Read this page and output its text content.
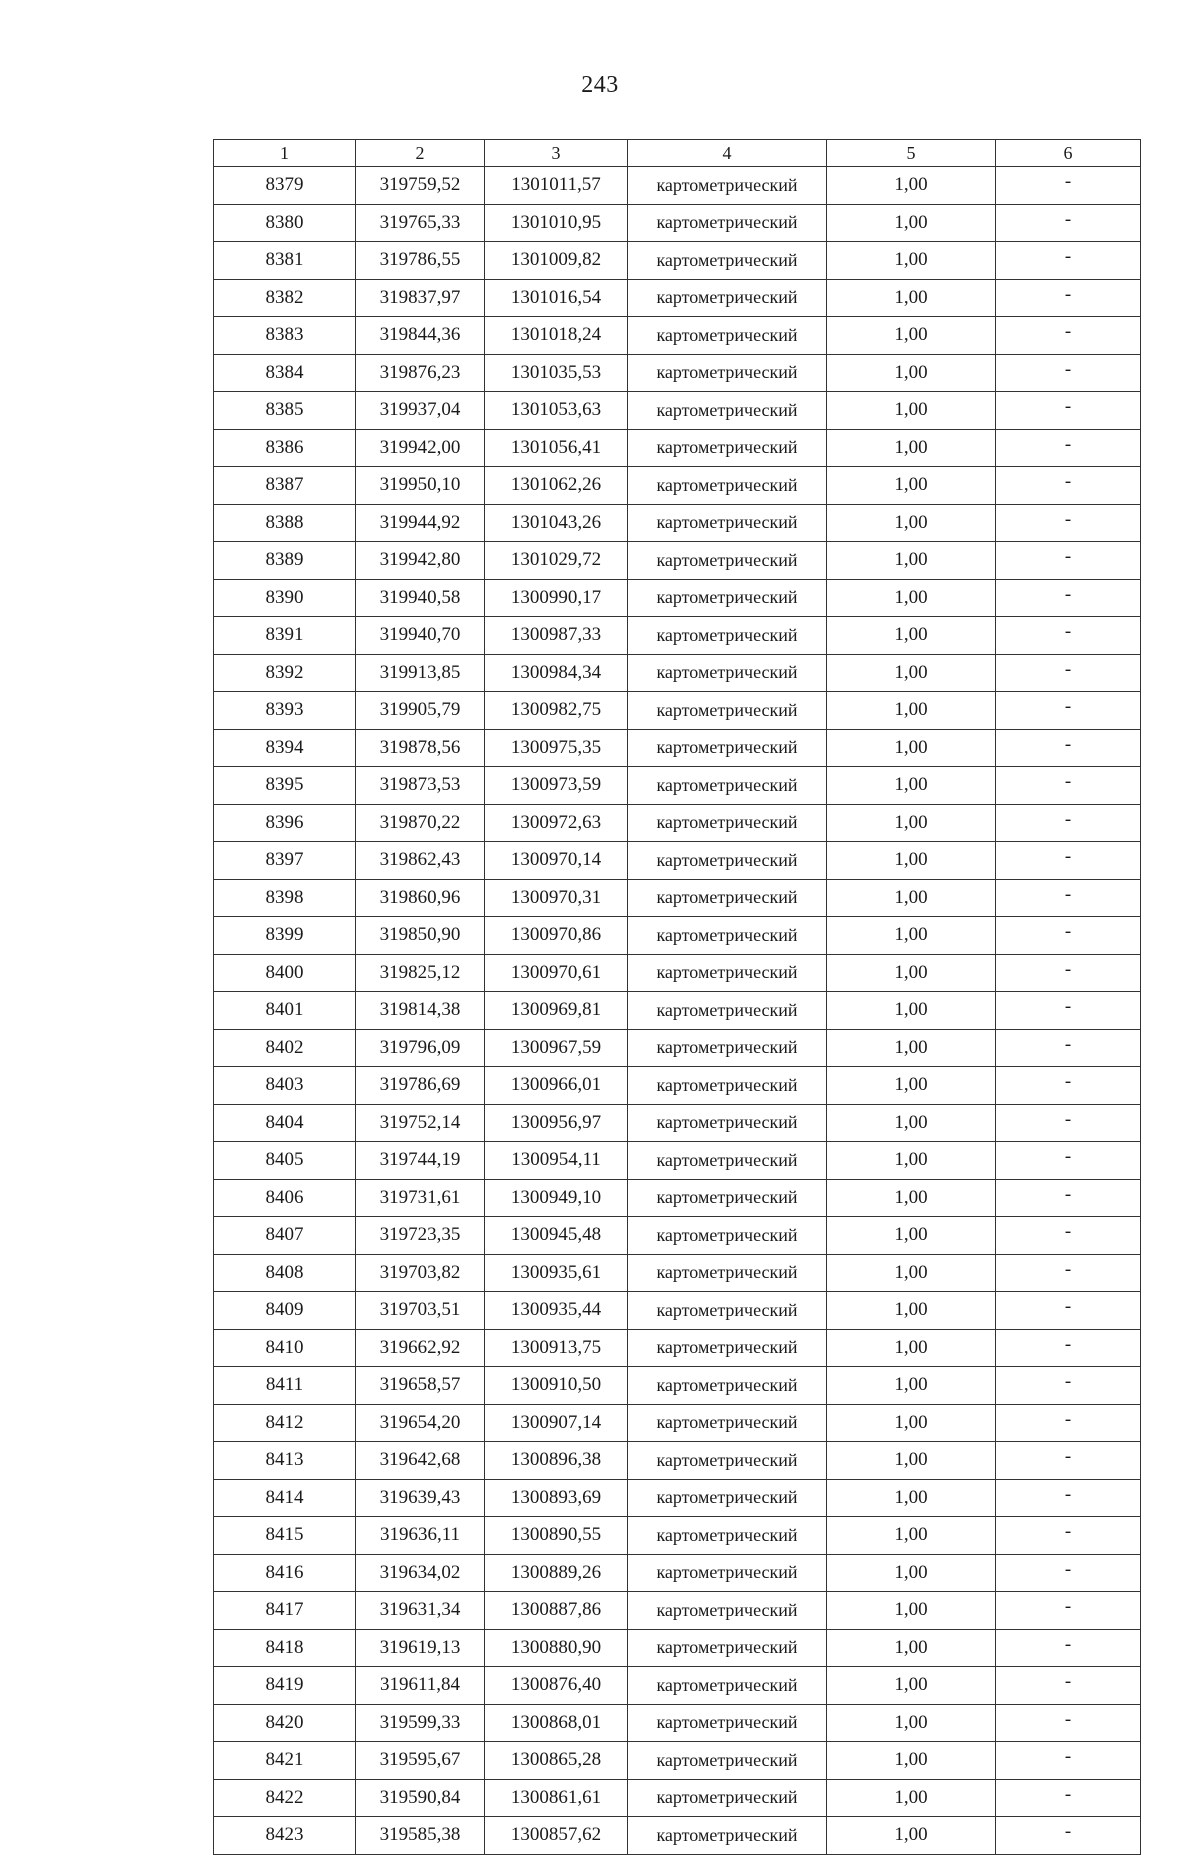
243
1	2	3	4	5	6
8379	319759,52	1301011,57	картометрический	1,00	-
8380	319765,33	1301010,95	картометрический	1,00	-
8381	319786,55	1301009,82	картометрический	1,00	-
8382	319837,97	1301016,54	картометрический	1,00	-
8383	319844,36	1301018,24	картометрический	1,00	-
8384	319876,23	1301035,53	картометрический	1,00	-
8385	319937,04	1301053,63	картометрический	1,00	-
8386	319942,00	1301056,41	картометрический	1,00	-
8387	319950,10	1301062,26	картометрический	1,00	-
8388	319944,92	1301043,26	картометрический	1,00	-
8389	319942,80	1301029,72	картометрический	1,00	-
8390	319940,58	1300990,17	картометрический	1,00	-
8391	319940,70	1300987,33	картометрический	1,00	-
8392	319913,85	1300984,34	картометрический	1,00	-
8393	319905,79	1300982,75	картометрический	1,00	-
8394	319878,56	1300975,35	картометрический	1,00	-
8395	319873,53	1300973,59	картометрический	1,00	-
8396	319870,22	1300972,63	картометрический	1,00	-
8397	319862,43	1300970,14	картометрический	1,00	-
8398	319860,96	1300970,31	картометрический	1,00	-
8399	319850,90	1300970,86	картометрический	1,00	-
8400	319825,12	1300970,61	картометрический	1,00	-
8401	319814,38	1300969,81	картометрический	1,00	-
8402	319796,09	1300967,59	картометрический	1,00	-
8403	319786,69	1300966,01	картометрический	1,00	-
8404	319752,14	1300956,97	картометрический	1,00	-
8405	319744,19	1300954,11	картометрический	1,00	-
8406	319731,61	1300949,10	картометрический	1,00	-
8407	319723,35	1300945,48	картометрический	1,00	-
8408	319703,82	1300935,61	картометрический	1,00	-
8409	319703,51	1300935,44	картометрический	1,00	-
8410	319662,92	1300913,75	картометрический	1,00	-
8411	319658,57	1300910,50	картометрический	1,00	-
8412	319654,20	1300907,14	картометрический	1,00	-
8413	319642,68	1300896,38	картометрический	1,00	-
8414	319639,43	1300893,69	картометрический	1,00	-
8415	319636,11	1300890,55	картометрический	1,00	-
8416	319634,02	1300889,26	картометрический	1,00	-
8417	319631,34	1300887,86	картометрический	1,00	-
8418	319619,13	1300880,90	картометрический	1,00	-
8419	319611,84	1300876,40	картометрический	1,00	-
8420	319599,33	1300868,01	картометрический	1,00	-
8421	319595,67	1300865,28	картометрический	1,00	-
8422	319590,84	1300861,61	картометрический	1,00	-
8423	319585,38	1300857,62	картометрический	1,00	-
